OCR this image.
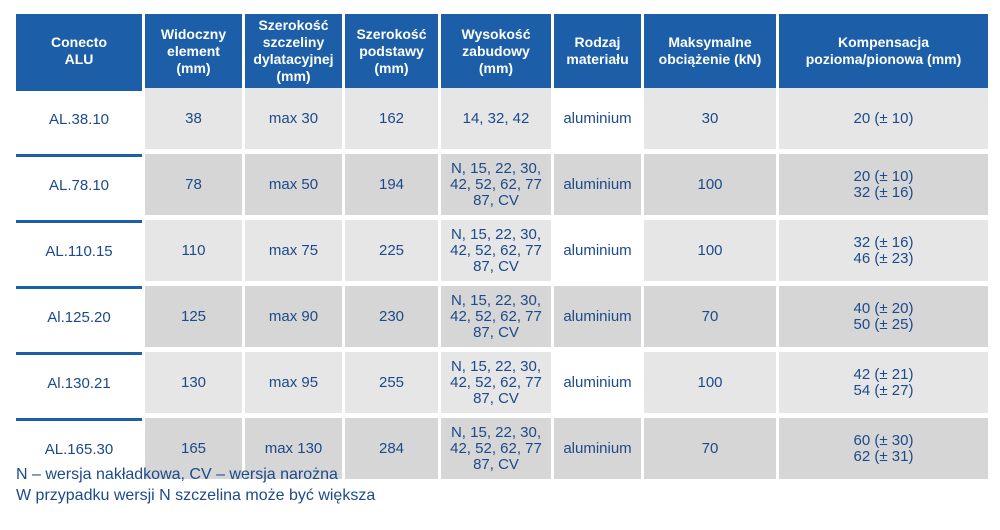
Conecto
ALU	Widoczny element (mm)	Szerokość szczeliny dylatacyjnej (mm)	Szerokość podstawy (mm)	Wysokość zabudowy (mm)	Rodzaj materiału	Maksymalne obciążenie (kN)	Kompensacja pozioma/pionowa (mm)
AL.38.10	38	max 30	162	14, 32, 42	aluminium	30	20 (± 10)
AL.78.10	78	max 50	194	N, 15, 22, 30, 42, 52, 62, 77 87, CV	aluminium	100	20 (± 10)
32 (± 16)
AL.110.15	110	max 75	225	N, 15, 22, 30, 42, 52, 62, 77 87, CV	aluminium	100	32 (± 16)
46 (± 23)
Al.125.20	125	max 90	230	N, 15, 22, 30, 42, 52, 62, 77 87, CV	aluminium	70	40 (± 20)
50 (± 25)
Al.130.21	130	max 95	255	N, 15, 22, 30, 42, 52, 62, 77 87, CV	aluminium	100	42 (± 21)
54 (± 27)
AL.165.30	165	max 130	284	N, 15, 22, 30, 42, 52, 62, 77 87, CV	aluminium	70	60 (± 30)
62 (± 31)
N – wersja nakładkowa, CV – wersja narożna
W przypadku wersji N szczelina może być większa
